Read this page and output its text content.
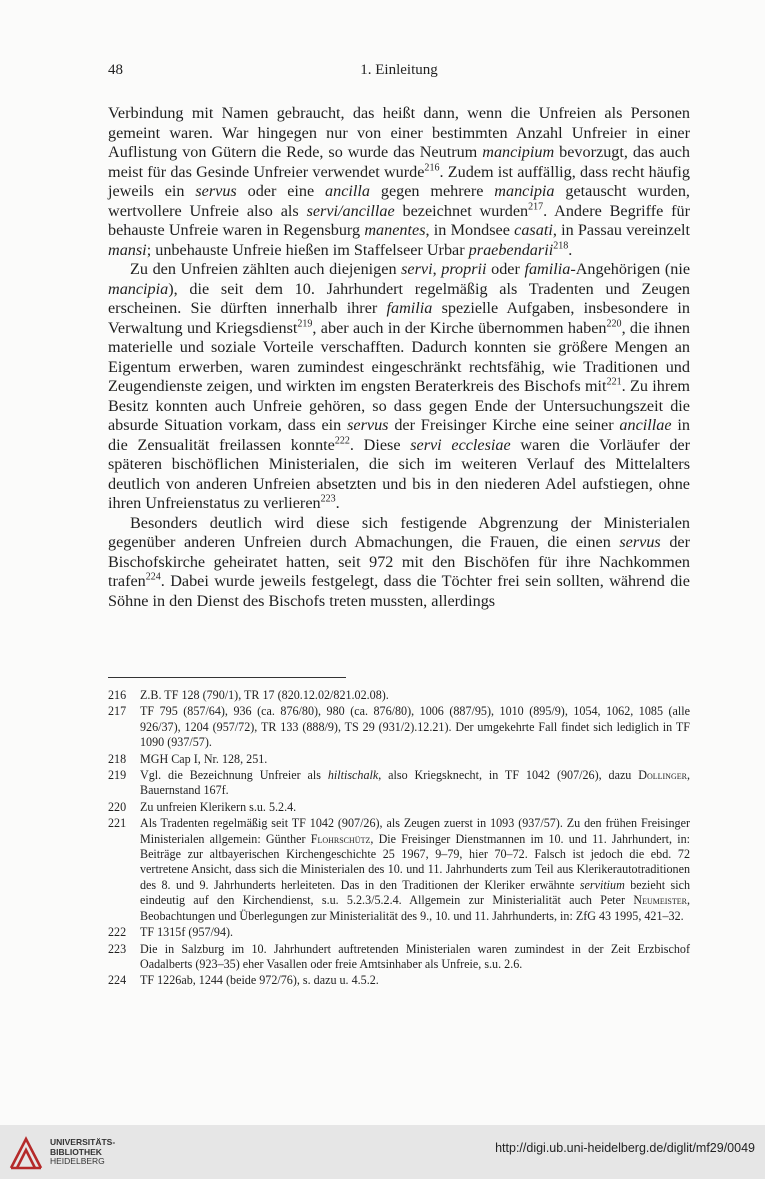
48	1. Einleitung

Verbindung mit Namen gebraucht, das heißt dann, wenn die Unfreien als Personen gemeint waren. War hingegen nur von einer bestimmten Anzahl Unfreier in einer Auflistung von Gütern die Rede, so wurde das Neutrum mancipium bevorzugt, das auch meist für das Gesinde Unfreier verwendet wurde$^{216}$. Zudem ist auffällig, dass recht häufig jeweils ein servus oder eine ancilla gegen mehrere mancipia getauscht wurden, wertvollere Unfreie also als servi/ancillae bezeichnet wurden$^{217}$. Andere Begriffe für behauste Unfreie waren in Regensburg manentes, in Mondsee casati, in Passau vereinzelt mansi; unbehauste Unfreie hießen im Staffelseer Urbar praebendarii$^{218}$.

Zu den Unfreien zählten auch diejenigen servi, proprii oder familia-Angehörigen (nie mancipia), die seit dem 10. Jahrhundert regelmäßig als Tradenten und Zeugen erscheinen. Sie dürften innerhalb ihrer familia spezielle Aufgaben, insbesondere in Verwaltung und Kriegsdienst$^{219}$, aber auch in der Kirche übernommen haben$^{220}$, die ihnen materielle und soziale Vorteile verschafften. Dadurch konnten sie größere Mengen an Eigentum erwerben, waren zumindest eingeschränkt rechtsfähig, wie Traditionen und Zeugendienste zeigen, und wirkten im engsten Beraterkreis des Bischofs mit$^{221}$. Zu ihrem Besitz konnten auch Unfreie gehören, so dass gegen Ende der Untersuchungszeit die absurde Situation vorkam, dass ein servus der Freisinger Kirche eine seiner ancillae in die Zensualität freilassen konnte$^{222}$. Diese servi ecclesiae waren die Vorläufer der späteren bischöflichen Ministerialen, die sich im weiteren Verlauf des Mittelalters deutlich von anderen Unfreien absetzten und bis in den niederen Adel aufstiegen, ohne ihren Unfreienstatus zu verlieren$^{223}$.

Besonders deutlich wird diese sich festigende Abgrenzung der Ministerialen gegenüber anderen Unfreien durch Abmachungen, die Frauen, die einen servus der Bischofskirche geheiratet hatten, seit 972 mit den Bischöfen für ihre Nachkommen trafen$^{224}$. Dabei wurde jeweils festgelegt, dass die Töchter frei sein sollten, während die Söhne in den Dienst des Bischofs treten mussten, allerdings

216	Z.B. TF 128 (790/1), TR 17 (820.12.02/821.02.08).
217	TF 795 (857/64), 936 (ca. 876/80), 980 (ca. 876/80), 1006 (887/95), 1010 (895/9), 1054, 1062, 1085 (alle 926/37), 1204 (957/72), TR 133 (888/9), TS 29 (931/2).12.21). Der umgekehrte Fall findet sich lediglich in TF 1090 (937/57).
218	MGH Cap I, Nr. 128, 251.
219	Vgl. die Bezeichnung Unfreier als hiltischalk, also Kriegsknecht, in TF 1042 (907/26), dazu Dollinger, Bauernstand 167f.
220	Zu unfreien Klerikern s.u. 5.2.4.
221	Als Tradenten regelmäßig seit TF 1042 (907/26), als Zeugen zuerst in 1093 (937/57). Zu den frühen Freisinger Ministerialen allgemein: Günther Flohrschütz, Die Freisinger Dienstmannen im 10. und 11. Jahrhundert, in: Beiträge zur altbayerischen Kirchengeschichte 25 1967, 9–79, hier 70–72. Falsch ist jedoch die ebd. 72 vertretene Ansicht, dass sich die Ministerialen des 10. und 11. Jahrhunderts zum Teil aus Klerikerautotraditionen des 8. und 9. Jahrhunderts herleiteten. Das in den Traditionen der Kleriker erwähnte servitium bezieht sich eindeutig auf den Kirchendienst, s.u. 5.2.3/5.2.4. Allgemein zur Ministerialität auch Peter Neumeister, Beobachtungen und Überlegungen zur Ministerialität des 9., 10. und 11. Jahrhunderts, in: ZfG 43 1995, 421–32.
222	TF 1315f (957/94).
223	Die in Salzburg im 10. Jahrhundert auftretenden Ministerialen waren zumindest in der Zeit Erzbischof Oadalberts (923–35) eher Vasallen oder freie Amtsinhaber als Unfreie, s.u. 2.6.
224	TF 1226ab, 1244 (beide 972/76), s. dazu u. 4.5.2.
UNIVERSITÄTS-
BIBLIOTHEK
HEIDELBERG
http://digi.ub.uni-heidelberg.de/diglit/mf29/0049
